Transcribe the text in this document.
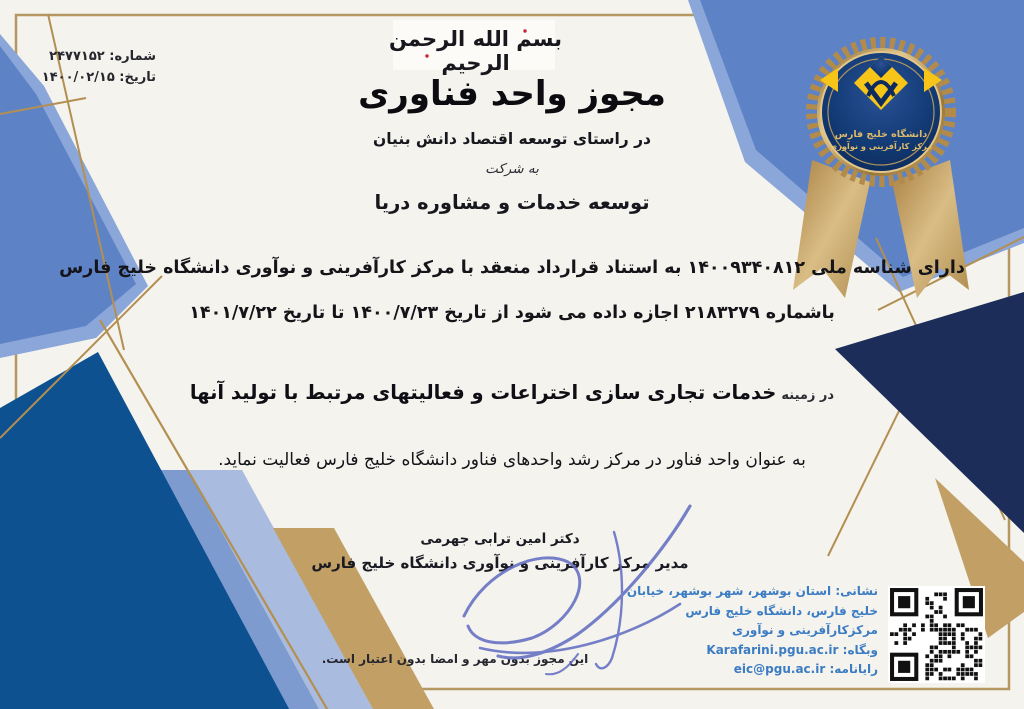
دانشگاه خلیج فارس
مرکز کارآفرینی و نوآوری
شماره: ۲۴۷۷۱۵۲
تاریخ: ۱۴۰۰/۰۲/۱۵
بسم الله الرحمن الرحیم
مجوز واحد فناوری
در راستای توسعه اقتصاد دانش بنیان
به شرکت
توسعه خدمات و مشاوره دریا
دارای شناسه ملی ۱۴۰۰۹۳۴۰۸۱۲ به استناد قرارداد منعقد با مرکز کارآفرینی و نوآوری دانشگاه خلیج فارس
باشماره ۲۱۸۳۲۷۹ اجازه داده می شود از تاریخ ۱۴۰۰/۷/۲۳ تا تاریخ ۱۴۰۱/۷/۲۲
در زمینه خدمات تجاری سازی اختراعات و فعالیتهای مرتبط با تولید آنها
به عنوان واحد فناور در مرکز رشد واحدهای فناور دانشگاه خلیج فارس فعالیت نماید.
دکتر امین ترابی جهرمی
مدیر مرکز کارآفرینی و نوآوری دانشگاه خلیج فارس
این مجوز بدون مهر و امضا بدون اعتبار است.
نشانی: استان بوشهر، شهر بوشهر، خیابان
خلیج فارس، دانشگاه خلیج فارس
مرکزکارآفرینی و نوآوری
وبگاه: Karafarini.pgu.ac.ir
رایانامه: eic@pgu.ac.ir
